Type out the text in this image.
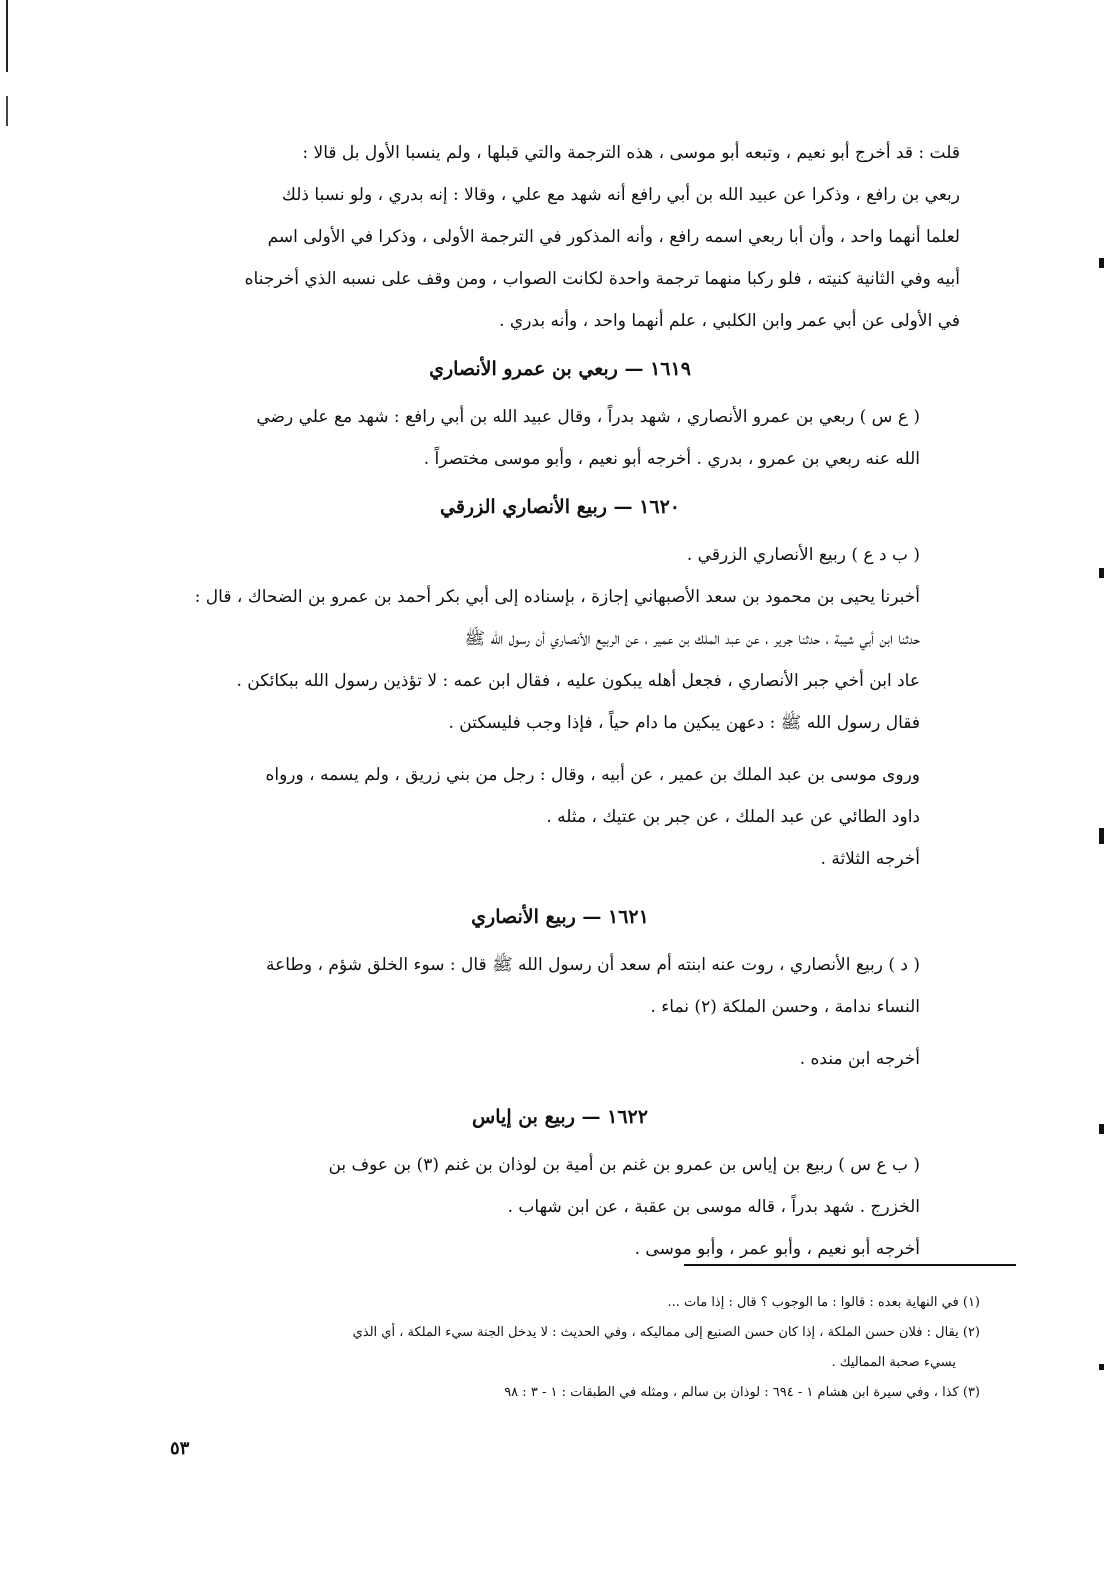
قلت : قد أخرج أبو نعيم ، وتبعه أبو موسى ، هذه الترجمة والتي قبلها ، ولم ينسبا الأول بل قالا :
ربعي بن رافع ، وذكرا عن عبيد الله بن أبي رافع أنه شهد مع علي ، وقالا : إنه بدري ، ولو نسبا ذلك
لعلما أنهما واحد ، وأن أبا ربعي اسمه رافع ، وأنه المذكور في الترجمة الأولى ، وذكرا في الأولى اسم
أبيه وفي الثانية كنيته ، فلو ركبا منهما ترجمة واحدة لكانت الصواب ، ومن وقف على نسبه الذي أخرجناه
في الأولى عن أبي عمر وابن الكلبي ، علم أنهما واحد ، وأنه بدري .

١٦١٩ — ربعي بن عمرو الأنصاري

( ع س ) ربعي بن عمرو الأنصاري ، شهد بدراً ، وقال عبيد الله بن أبي رافع : شهد مع علي رضي
الله عنه ربعي بن عمرو ، بدري . أخرجه أبو نعيم ، وأبو موسى مختصراً .

١٦٢٠ — ربيع الأنصاري الزرقي

( ب د ع ) ربيع الأنصاري الزرقي .

أخبرنا يحيى بن محمود بن سعد الأصبهاني إجازة ، بإسناده إلى أبي بكر أحمد بن عمرو بن الضحاك ، قال :
حدثنا ابن أبي شيبة ، حدثنا جرير ، عن عبد الملك بن عمير ، عن الربيع الأنصاري أن رسول الله ﷺ
عاد ابن أخي جبر الأنصاري ، فجعل أهله يبكون عليه ، فقال ابن عمه : لا تؤذين رسول الله ببكائكن .
فقال رسول الله ﷺ : دعهن يبكين ما دام حياً ، فإذا وجب فليسكتن .

وروى موسى بن عبد الملك بن عمير ، عن أبيه ، وقال : رجل من بني زريق ، ولم يسمه ، ورواه
داود الطائي عن عبد الملك ، عن جبر بن عتيك ، مثله .

أخرجه الثلاثة .

١٦٢١ — ربيع الأنصاري

( د ) ربيع الأنصاري ، روت عنه ابنته أم سعد أن رسول الله ﷺ قال : سوء الخلق شؤم ، وطاعة
النساء ندامة ، وحسن الملكة (٢) نماء .

أخرجه ابن منده .

١٦٢٢ — ربيع بن إياس

( ب ع س ) ربيع بن إياس بن عمرو بن غنم بن أمية بن لوذان بن غنم (٣) بن عوف بن
الخزرج . شهد بدراً ، قاله موسى بن عقبة ، عن ابن شهاب .

أخرجه أبو نعيم ، وأبو عمر ، وأبو موسى .

(١) في النهاية بعده : قالوا : ما الوجوب ؟ قال : إذا مات ...

(٢) يقال : فلان حسن الملكة ، إذا كان حسن الصنيع إلى مماليكه ، وفي الحديث : لا يدخل الجنة سيء الملكة ، أي الذي
يسيء صحبة المماليك .

(٣) كذا ، وفي سيرة ابن هشام ١ - ٦٩٤ : لوذان بن سالم ، ومثله في الطبقات : ١ - ٣ : ٩٨

٥٣
